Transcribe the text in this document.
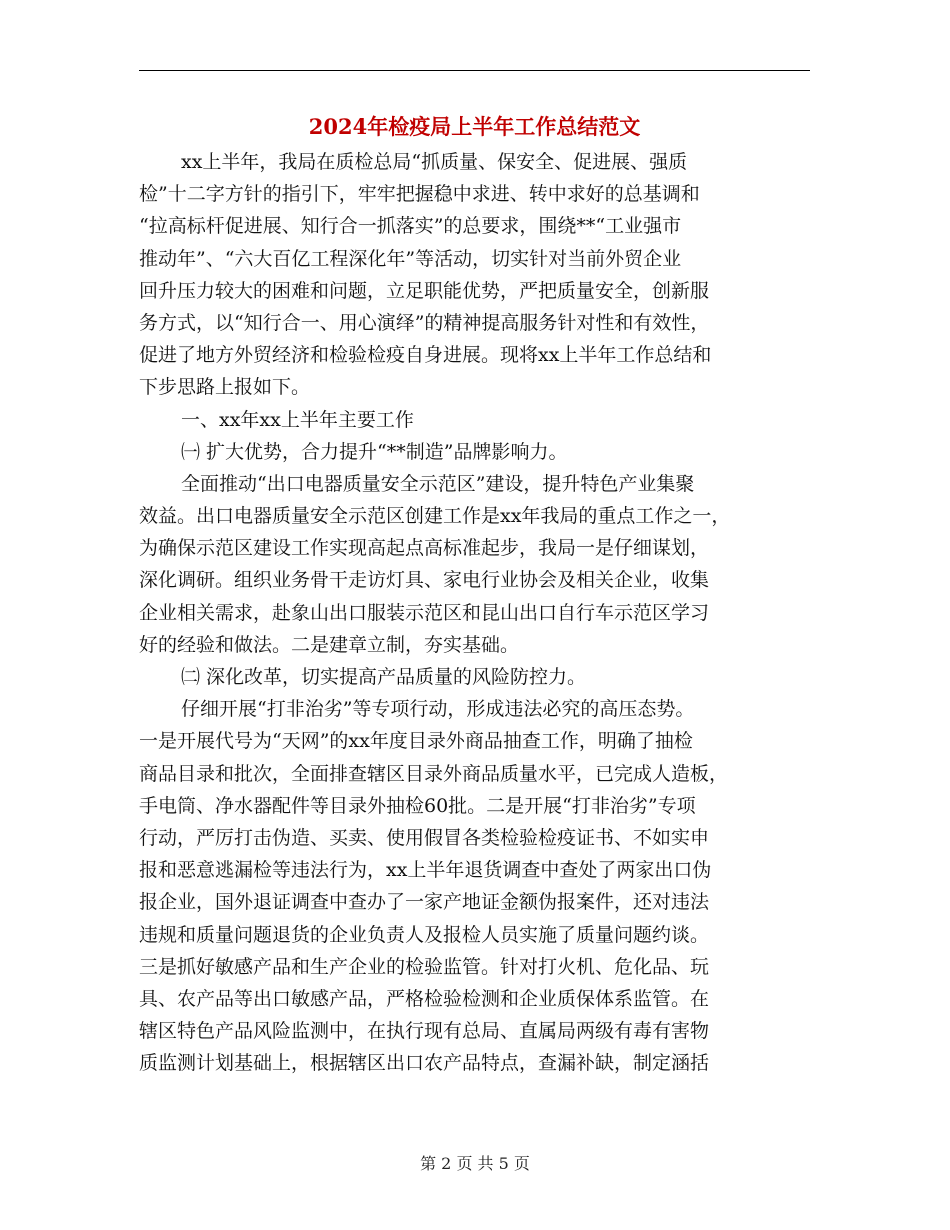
2024年检疫局上半年工作总结范文
xx上半年，我局在质检总局“抓质量、保安全、促进展、强质
检”十二字方针的指引下，牢牢把握稳中求进、转中求好的总基调和
“拉高标杆促进展、知行合一抓落实”的总要求，围绕**“工业强市
推动年”、“六大百亿工程深化年”等活动，切实针对当前外贸企业
回升压力较大的困难和问题，立足职能优势，严把质量安全，创新服
务方式，以“知行合一、用心演绎”的精神提高服务针对性和有效性，
促进了地方外贸经济和检验检疫自身进展。现将xx上半年工作总结和
下步思路上报如下。
一、xx年xx上半年主要工作
㈠ 扩大优势，合力提升“**制造”品牌影响力。
全面推动“出口电器质量安全示范区”建设，提升特色产业集聚
效益。出口电器质量安全示范区创建工作是xx年我局的重点工作之一，
为确保示范区建设工作实现高起点高标准起步，我局一是仔细谋划，
深化调研。组织业务骨干走访灯具、家电行业协会及相关企业，收集
企业相关需求，赴象山出口服装示范区和昆山出口自行车示范区学习
好的经验和做法。二是建章立制，夯实基础。
㈡ 深化改革，切实提高产品质量的风险防控力。
仔细开展“打非治劣”等专项行动，形成违法必究的高压态势。
一是开展代号为“天网”的xx年度目录外商品抽查工作，明确了抽检
商品目录和批次，全面排查辖区目录外商品质量水平，已完成人造板，
手电筒、净水器配件等目录外抽检60批。二是开展“打非治劣”专项
行动，严厉打击伪造、买卖、使用假冒各类检验检疫证书、不如实申
报和恶意逃漏检等违法行为，xx上半年退货调查中查处了两家出口伪
报企业，国外退证调查中查办了一家产地证金额伪报案件，还对违法
违规和质量问题退货的企业负责人及报检人员实施了质量问题约谈。
三是抓好敏感产品和生产企业的检验监管。针对打火机、危化品、玩
具、农产品等出口敏感产品，严格检验检测和企业质保体系监管。在
辖区特色产品风险监测中，在执行现有总局、直属局两级有毒有害物
质监测计划基础上，根据辖区出口农产品特点，查漏补缺，制定涵括
第 2 页 共 5 页
